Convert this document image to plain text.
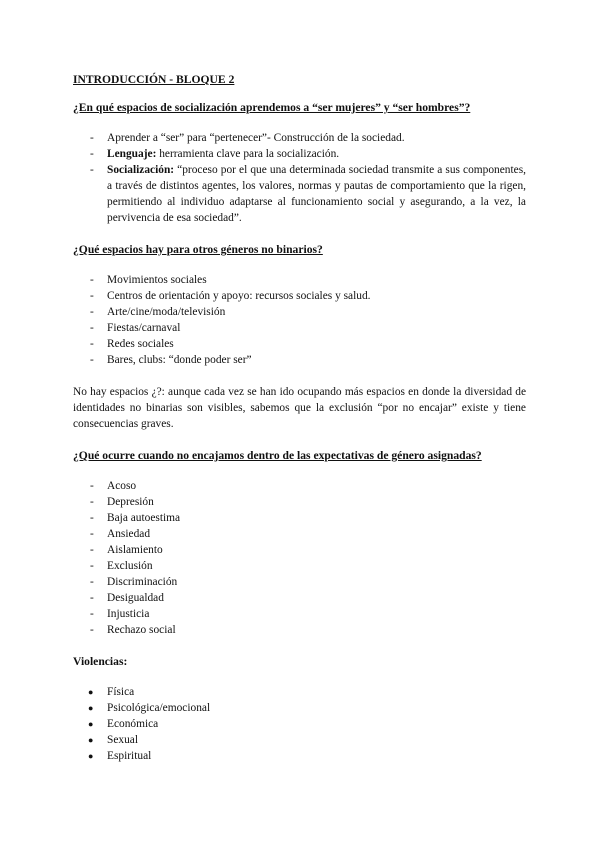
INTRODUCCIÓN - BLOQUE 2
¿En qué espacios de socialización aprendemos a “ser mujeres” y “ser hombres”?
-	Aprender a “ser” para “pertenecer”- Construcción de la sociedad.
-	Lenguaje: herramienta clave para la socialización.
-	Socialización: “proceso por el que una determinada sociedad transmite a sus componentes, a través de distintos agentes, los valores, normas y pautas de comportamiento que la rigen, permitiendo al individuo adaptarse al funcionamiento social y asegurando, a la vez, la pervivencia de esa sociedad”.
¿Qué espacios hay para otros géneros no binarios?
-	Movimientos sociales
-	Centros de orientación y apoyo: recursos sociales y salud.
-	Arte/cine/moda/televisión
-	Fiestas/carnaval
-	Redes sociales
-	Bares, clubs: “donde poder ser”

No hay espacios ¿?: aunque cada vez se han ido ocupando más espacios en donde la diversidad de identidades no binarias son visibles, sabemos que la exclusión “por no encajar” existe y tiene consecuencias graves.

¿Qué ocurre cuando no encajamos dentro de las expectativas de género asignadas?
-	Acoso
-	Depresión
-	Baja autoestima
-	Ansiedad
-	Aislamiento
-	Exclusión
-	Discriminación
-	Desigualdad
-	Injusticia
-	Rechazo social
Violencias:
●	Física
●	Psicológica/emocional
●	Económica
●	Sexual
●	Espiritual
